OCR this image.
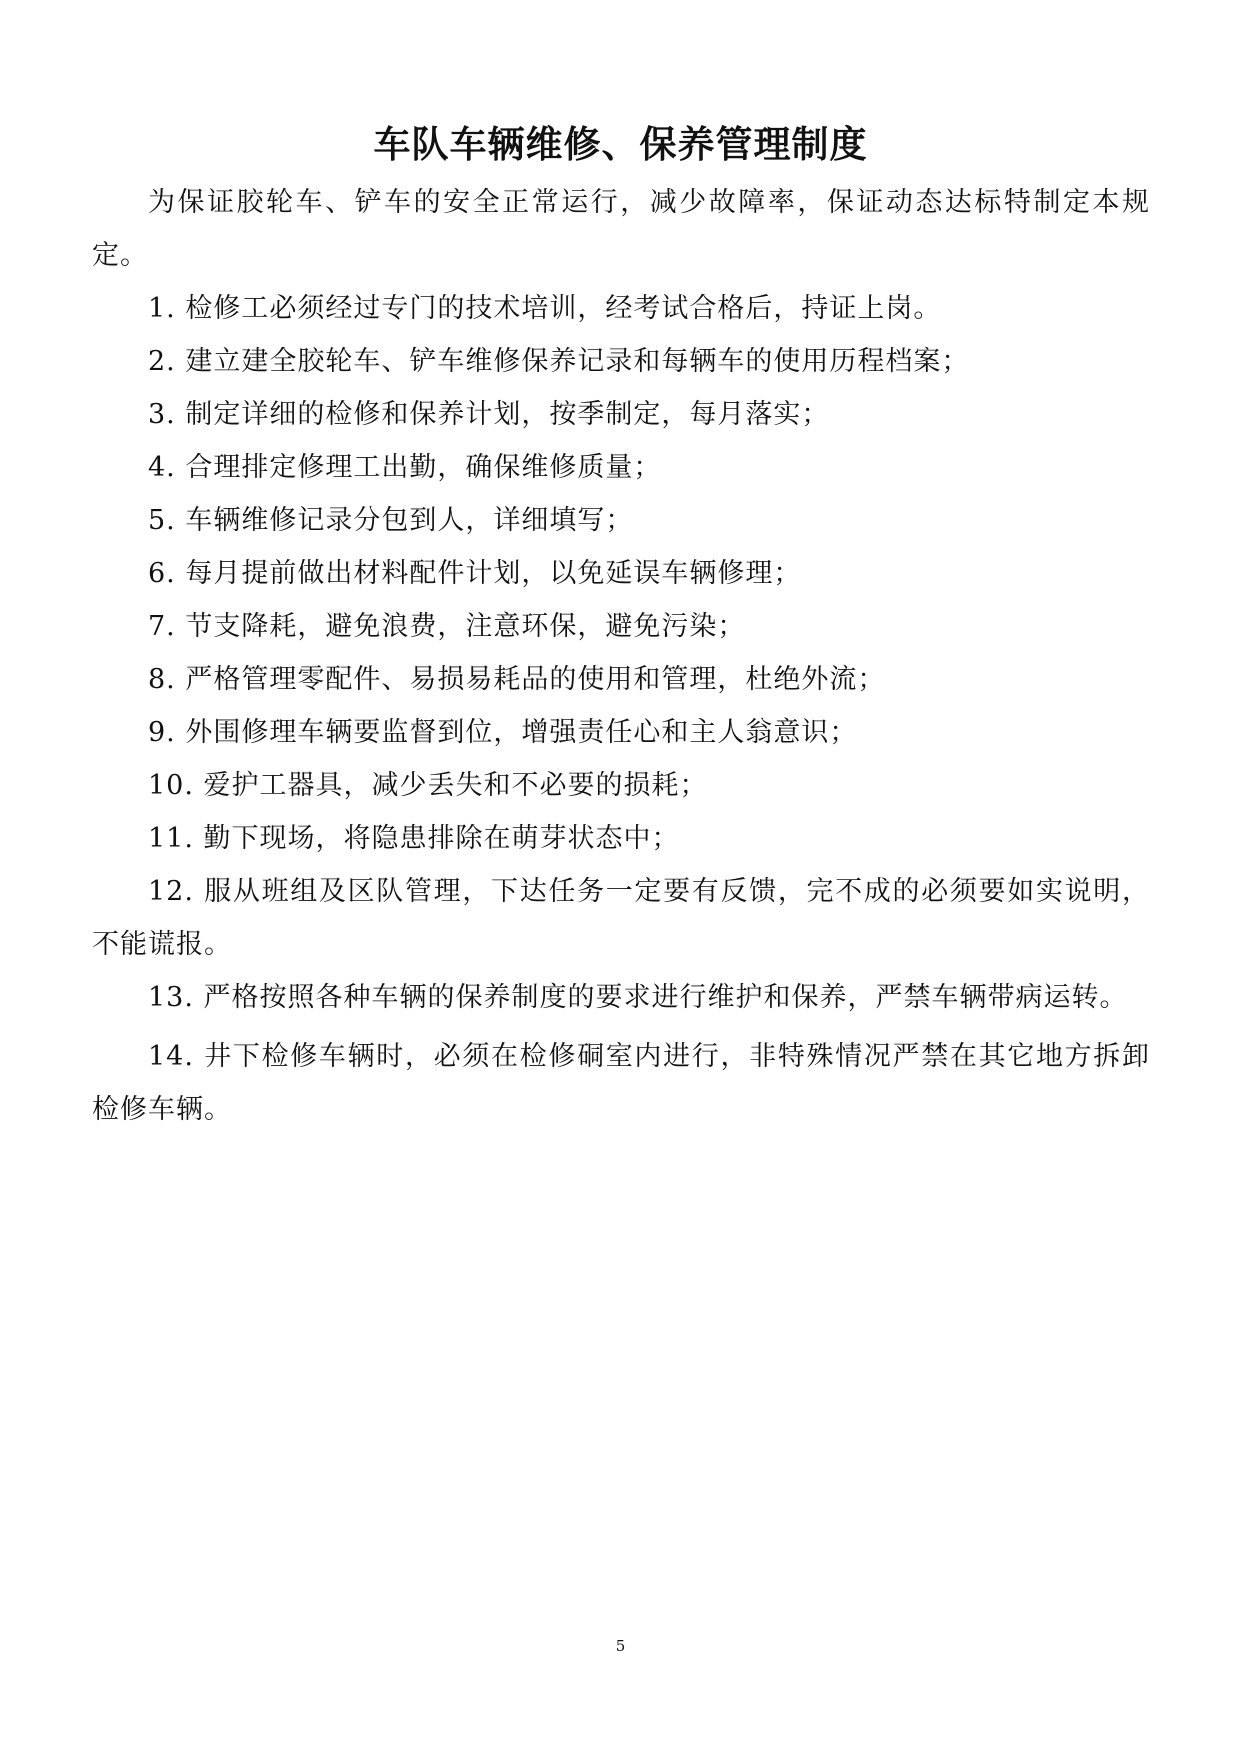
车队车辆维修、保养管理制度

为保证胶轮车、铲车的安全正常运行，减少故障率，保证动态达标特制定本规定。

1. 检修工必须经过专门的技术培训，经考试合格后，持证上岗。

2. 建立建全胶轮车、铲车维修保养记录和每辆车的使用历程档案；

3. 制定详细的检修和保养计划，按季制定，每月落实；

4. 合理排定修理工出勤，确保维修质量；

5. 车辆维修记录分包到人，详细填写；

6. 每月提前做出材料配件计划，以免延误车辆修理；

7. 节支降耗，避免浪费，注意环保，避免污染；

8. 严格管理零配件、易损易耗品的使用和管理，杜绝外流；

9. 外围修理车辆要监督到位，增强责任心和主人翁意识；

10. 爱护工器具，减少丢失和不必要的损耗；

11. 勤下现场，将隐患排除在萌芽状态中；

12. 服从班组及区队管理，下达任务一定要有反馈，完不成的必须要如实说明，不能谎报。

13. 严格按照各种车辆的保养制度的要求进行维护和保养，严禁车辆带病运转。

14. 井下检修车辆时，必须在检修硐室内进行，非特殊情况严禁在其它地方拆卸检修车辆。

5
